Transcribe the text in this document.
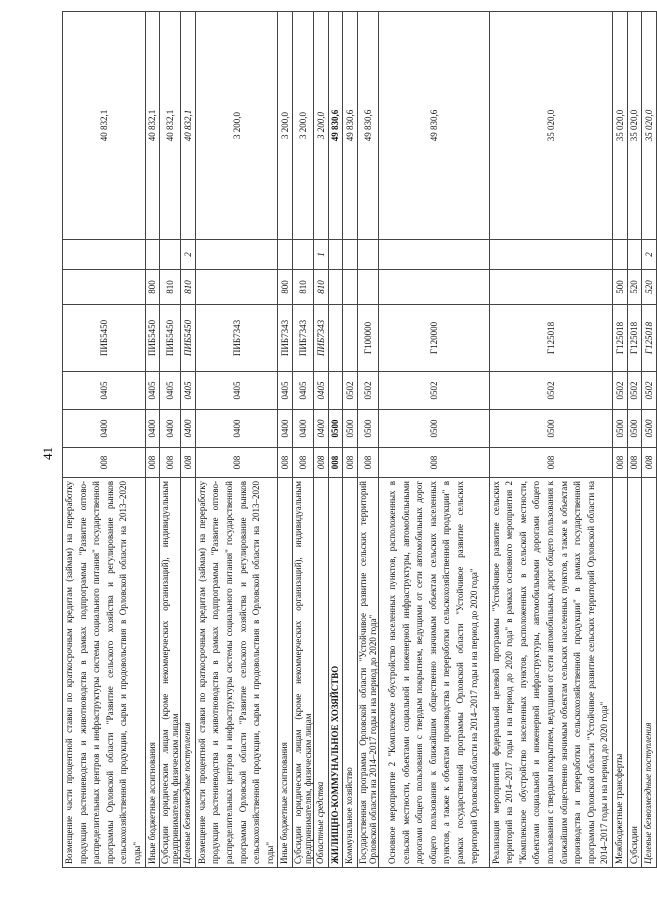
41
Возмещение части процентной ставки по краткосрочным кредитам (займам) на переработку продукции растениеводства и животноводства в рамках подпрограммы "Развитие оптово-распределительных центров и инфраструктуры системы социального питания" государственной программы Орловской области "Развитие сельского хозяйства и регулирование рынков сельскохозяйственной продукции, сырья и продовольствия в Орловской области на 2013–2020 годы"	008	0400	0405	ПИБ5450			40 832,1
Иные бюджетные ассигнования	008	0400	0405	ПИБ5450	800		40 832,1
Субсидии юридическим лицам (кроме некоммерческих организаций), индивидуальным предпринимателям, физическим лицам	008	0400	0405	ПИБ5450	810		40 832,1
Целевые безвозмездные поступления	008	0400	0405	ПИБ5450	810	2	40 832,1
Возмещение части процентной ставки по краткосрочным кредитам (займам) на переработку продукции растениеводства и животноводства в рамках подпрограммы "Развитие оптово-распределительных центров и инфраструктуры системы социального питания" государственной программы Орловской области "Развитие сельского хозяйства и регулирование рынков сельскохозяйственной продукции, сырья и продовольствия в Орловской области на 2013–2020 годы"	008	0400	0405	ПИБ7343			3 200,0
Иные бюджетные ассигнования	008	0400	0405	ПИБ7343	800		3 200,0
Субсидии юридическим лицам (кроме некоммерческих организаций), индивидуальным предпринимателям, физическим лицам	008	0400	0405	ПИБ7343	810		3 200,0
Областные средства	008	0400	0405	ПИБ7343	810	1	3 200,0
ЖИЛИЩНО-КОММУНАЛЬНОЕ ХОЗЯЙСТВО	008	0500					49 830,6
Коммунальное хозяйство	008	0500	0502				49 830,6
Государственная программа Орловской области "Устойчивое развитие сельских территорий Орловской области на 2014–2017 годы и на период до 2020 года"	008	0500	0502	Г100000			49 830,6
Основное мероприятие 2 "Комплексное обустройство населенных пунктов, расположенных в сельской местности, объектами социальной и инженерной инфраструктуры, автомобильными дорогами общего пользования с твердым покрытием, ведущими от сети автомобильных дорог общего пользования к ближайшим общественно значимым объектам сельских населенных пунктов, а также к объектам производства и переработки сельскохозяйственной продукции" в рамках государственной программы Орловской области "Устойчивое развитие сельских территорий Орловской области на 2014–2017 годы и на период до 2020 года"	008	0500	0502	Г120000			49 830,6
Реализация мероприятий федеральной целевой программы "Устойчивое развитие сельских территорий на 2014–2017 годы и на период до 2020 года" в рамках основного мероприятия 2 "Комплексное обустройство населенных пунктов, расположенных в сельской местности, объектами социальной и инженерной инфраструктуры, автомобильными дорогами общего пользования с твердым покрытием, ведущими от сети автомобильных дорог общего пользования к ближайшим общественно значимым объектам сельских населенных пунктов, а также к объектам производства и переработки сельскохозяйственной продукции" в рамках государственной программы Орловской области "Устойчивое развитие сельских территорий Орловской области на 2014–2017 годы и на период до 2020 года"	008	0500	0502	Г125018			35 020,0
Межбюджетные трансферты	008	0500	0502	Г125018	500		35 020,0
Субсидии	008	0500	0502	Г125018	520		35 020,0
Целевые безвозмездные поступления	008	0500	0502	Г125018	520	2	35 020,0
